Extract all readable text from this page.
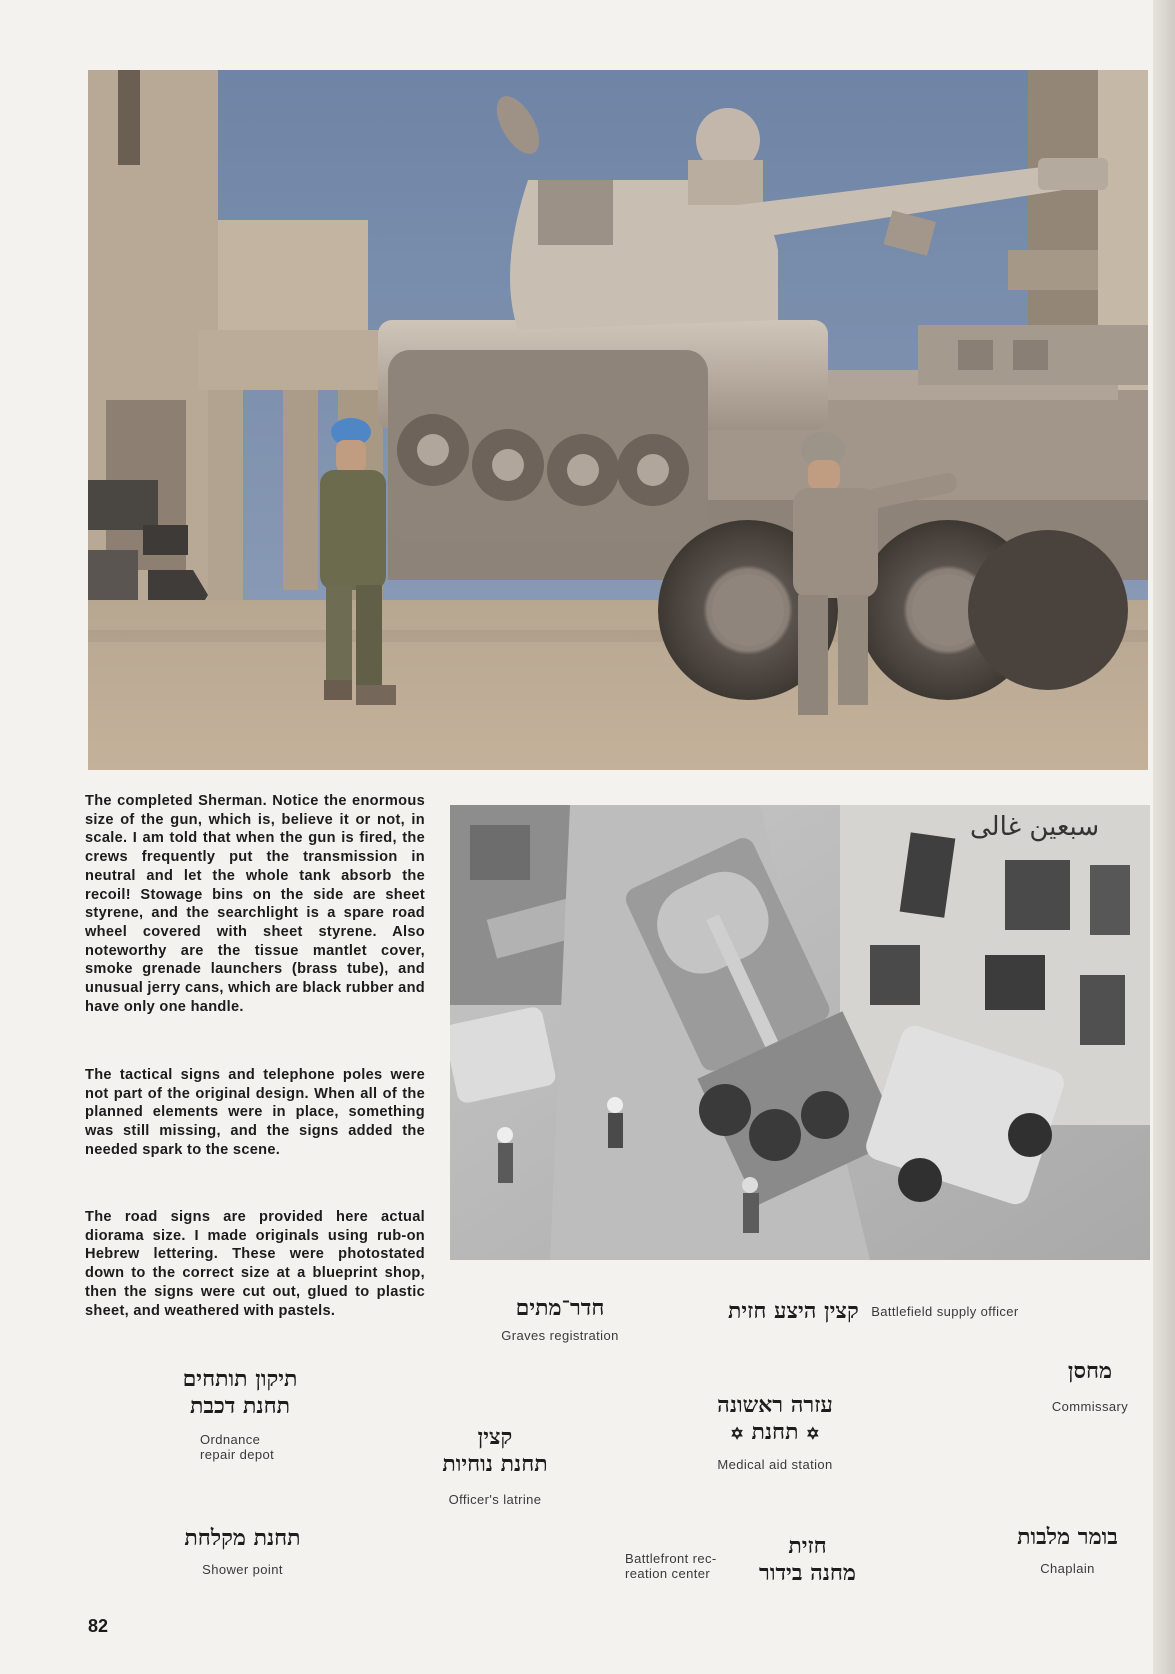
The completed Sherman. Notice the enormous size of the gun, which is, believe it or not, in scale. I am told that when the gun is fired, the crews frequently put the transmission in neutral and let the whole tank absorb the recoil! Stowage bins on the side are sheet styrene, and the searchlight is a spare road wheel covered with sheet styrene. Also noteworthy are the tissue mantlet cover, smoke grenade launchers (brass tube), and unusual jerry cans, which are black rubber and have only one handle.

The tactical signs and telephone poles were not part of the original design. When all of the planned elements were in place, something was still missing, and the signs added the needed spark to the scene.

The road signs are provided here actual diorama size. I made originals using rub-on Hebrew lettering. These were photostated down to the correct size at a blueprint shop, then the signs were cut out, glued to plastic sheet, and weathered with pastels.

سبعين غالى
חדר־מתים
Graves registration
קצין היצע חזית Battlefield supply officer
מחסן
Commissary
תיקון תותחים
תחנת דכבת
Ordnance
repair depot
עזרה ראשונה
✡ תחנת ✡
Medical aid station
קצין
תחנת נוחיות
Officer's latrine
תחנת מקלחת
Shower point
Battlefront rec-
reation center
חזית
מחנה בידור
בומר מלבות
Chaplain
82
